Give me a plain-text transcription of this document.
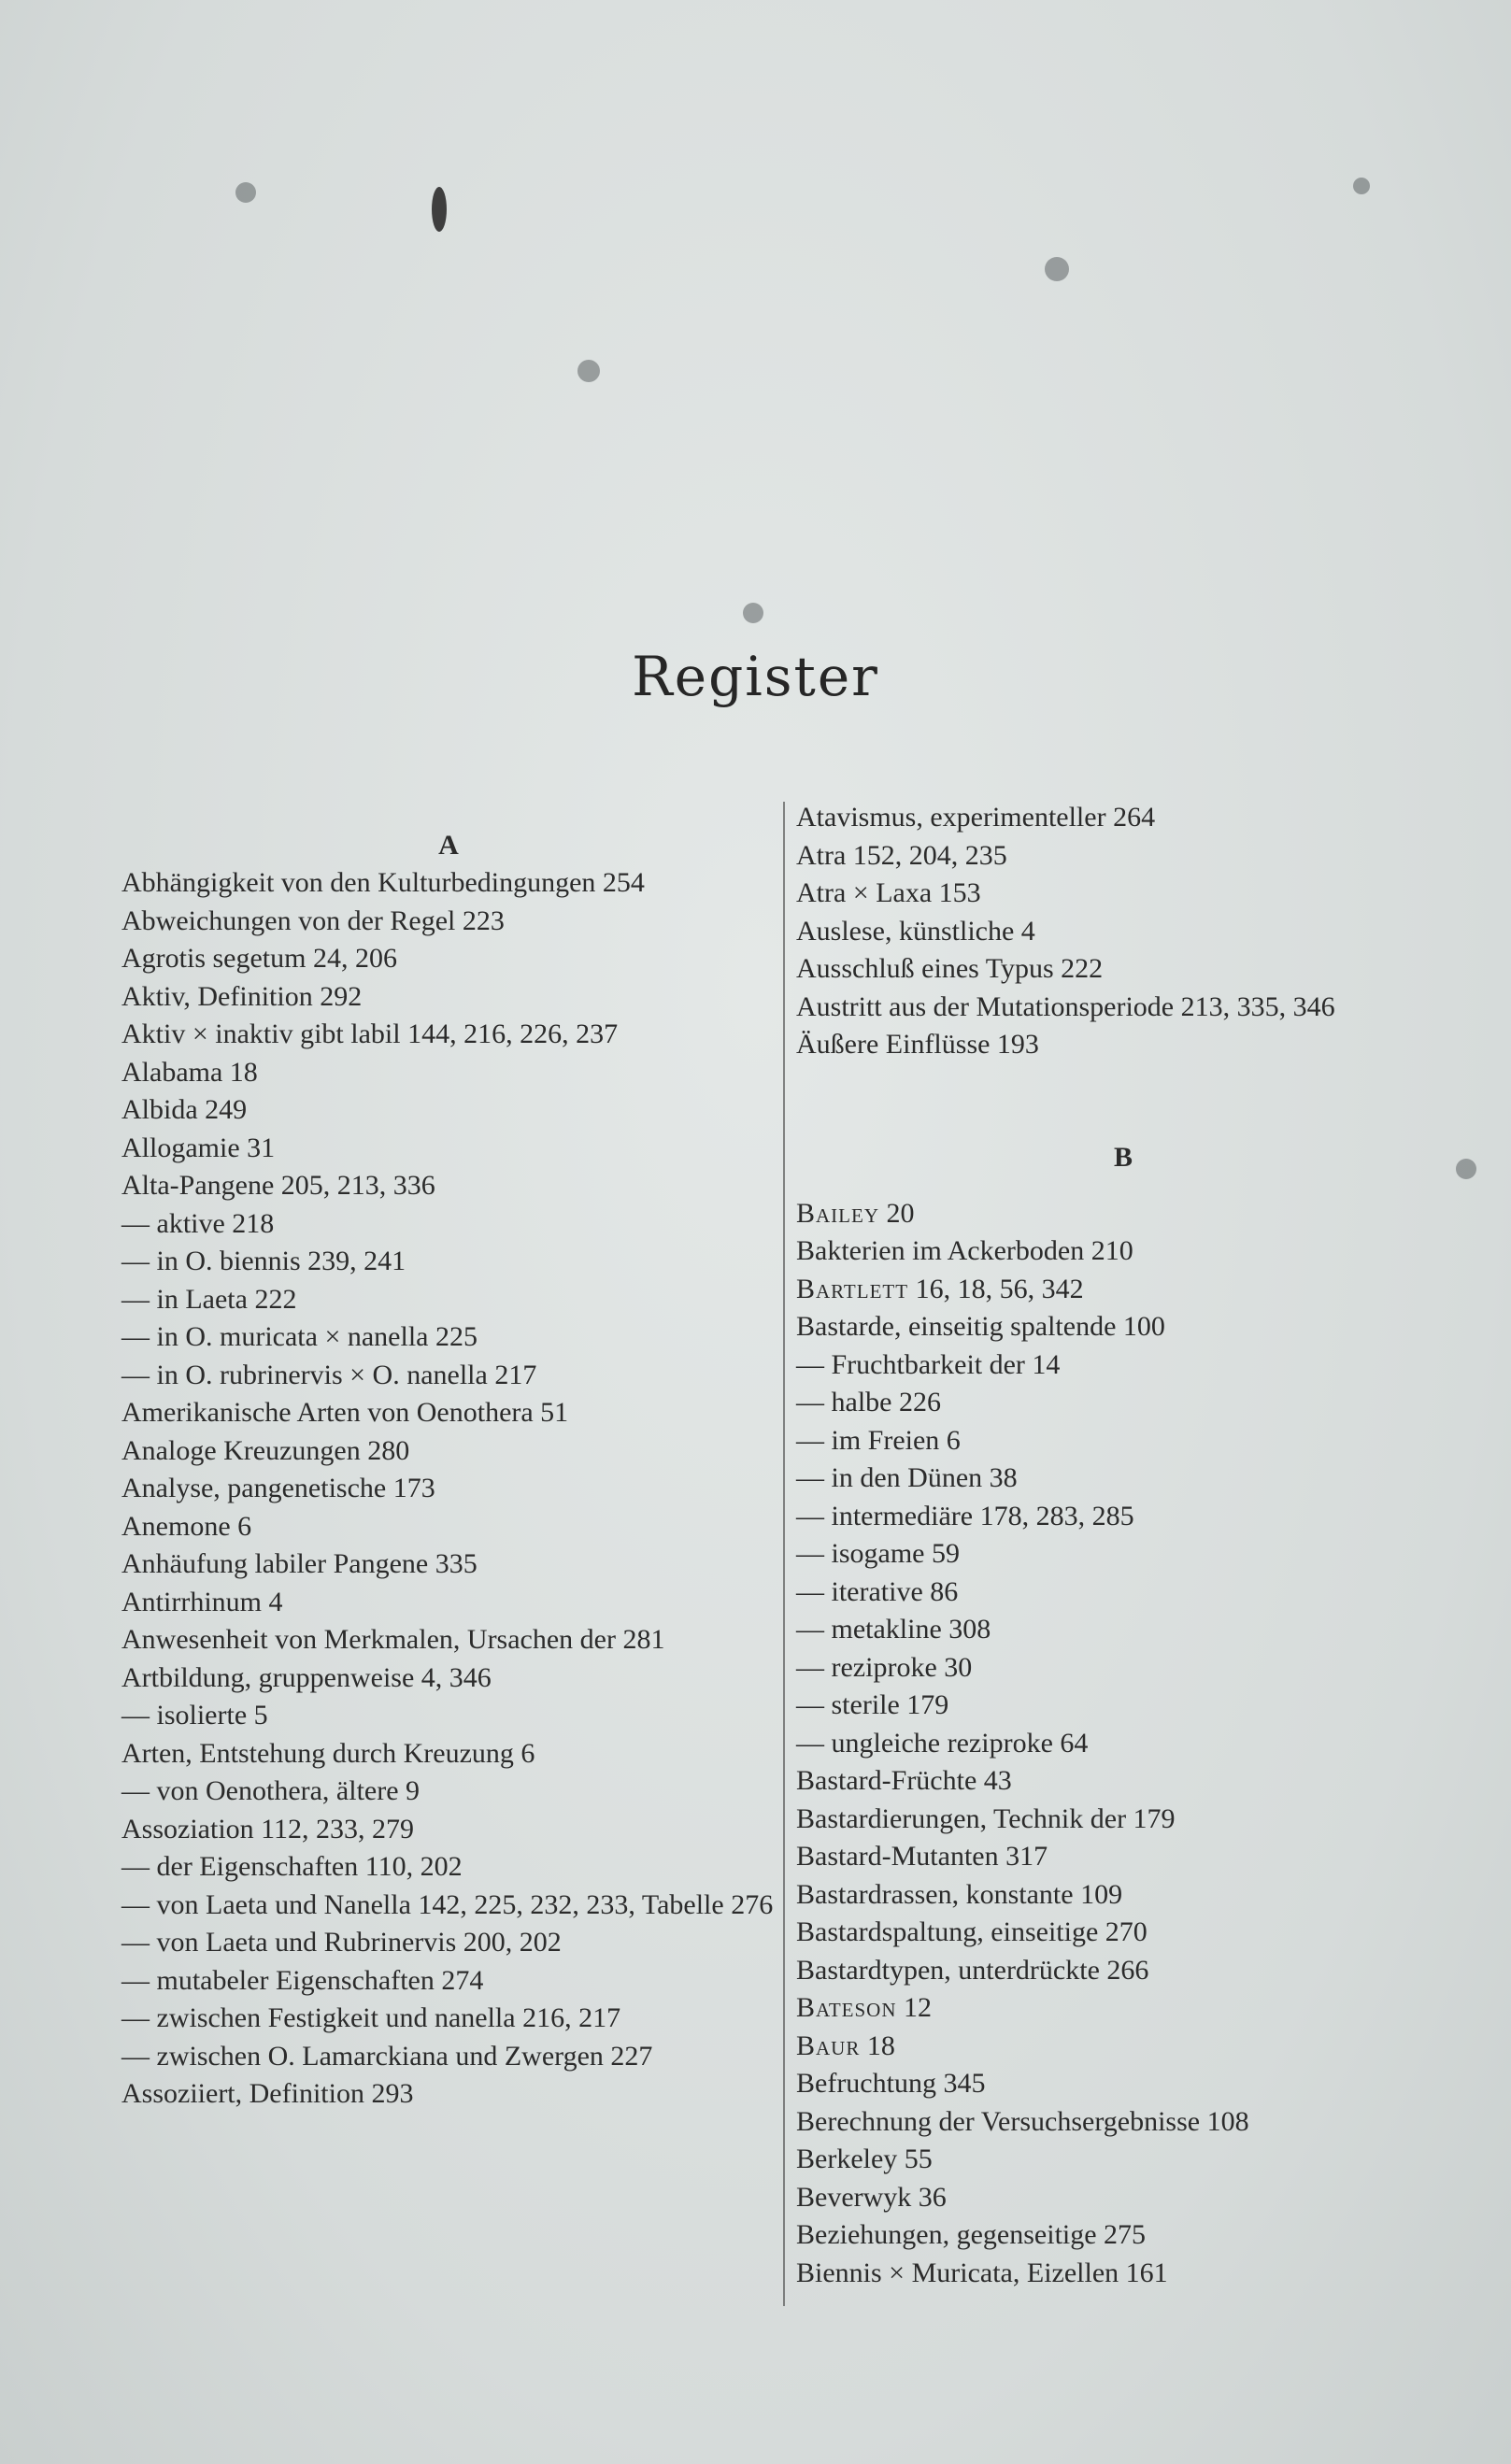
Register
A
Abhängigkeit von den Kulturbedingungen 254
Abweichungen von der Regel 223
Agrotis segetum 24, 206
Aktiv, Definition 292
Aktiv × inaktiv gibt labil 144, 216, 226, 237
Alabama 18
Albida 249
Allogamie 31
Alta-Pangene 205, 213, 336
— aktive 218
— in O. biennis 239, 241
— in Laeta 222
— in O. muricata × nanella 225
— in O. rubrinervis × O. nanella 217
Amerikanische Arten von Oenothera 51
Analoge Kreuzungen 280
Analyse, pangenetische 173
Anemone 6
Anhäufung labiler Pangene 335
Antirrhinum 4
Anwesenheit von Merkmalen, Ursachen der 281
Artbildung, gruppenweise 4, 346
— isolierte 5
Arten, Entstehung durch Kreuzung 6
— von Oenothera, ältere 9
Assoziation 112, 233, 279
— der Eigenschaften 110, 202
— von Laeta und Nanella 142, 225, 232, 233, Tabelle 276
— von Laeta und Rubrinervis 200, 202
— mutabeler Eigenschaften 274
— zwischen Festigkeit und nanella 216, 217
— zwischen O. Lamarckiana und Zwergen 227
Assoziiert, Definition 293
Atavismus, experimenteller 264
Atra 152, 204, 235
Atra × Laxa 153
Auslese, künstliche 4
Ausschluß eines Typus 222
Austritt aus der Mutationsperiode 213, 335, 346
Äußere Einflüsse 193
B
Bailey 20
Bakterien im Ackerboden 210
Bartlett 16, 18, 56, 342
Bastarde, einseitig spaltende 100
— Fruchtbarkeit der 14
— halbe 226
— im Freien 6
— in den Dünen 38
— intermediäre 178, 283, 285
— isogame 59
— iterative 86
— metakline 308
— reziproke 30
— sterile 179
— ungleiche reziproke 64
Bastard-Früchte 43
Bastardierungen, Technik der 179
Bastard-Mutanten 317
Bastardrassen, konstante 109
Bastardspaltung, einseitige 270
Bastardtypen, unterdrückte 266
Bateson 12
Baur 18
Befruchtung 345
Berechnung der Versuchsergebnisse 108
Berkeley 55
Beverwyk 36
Beziehungen, gegenseitige 275
Biennis × Muricata, Eizellen 161
